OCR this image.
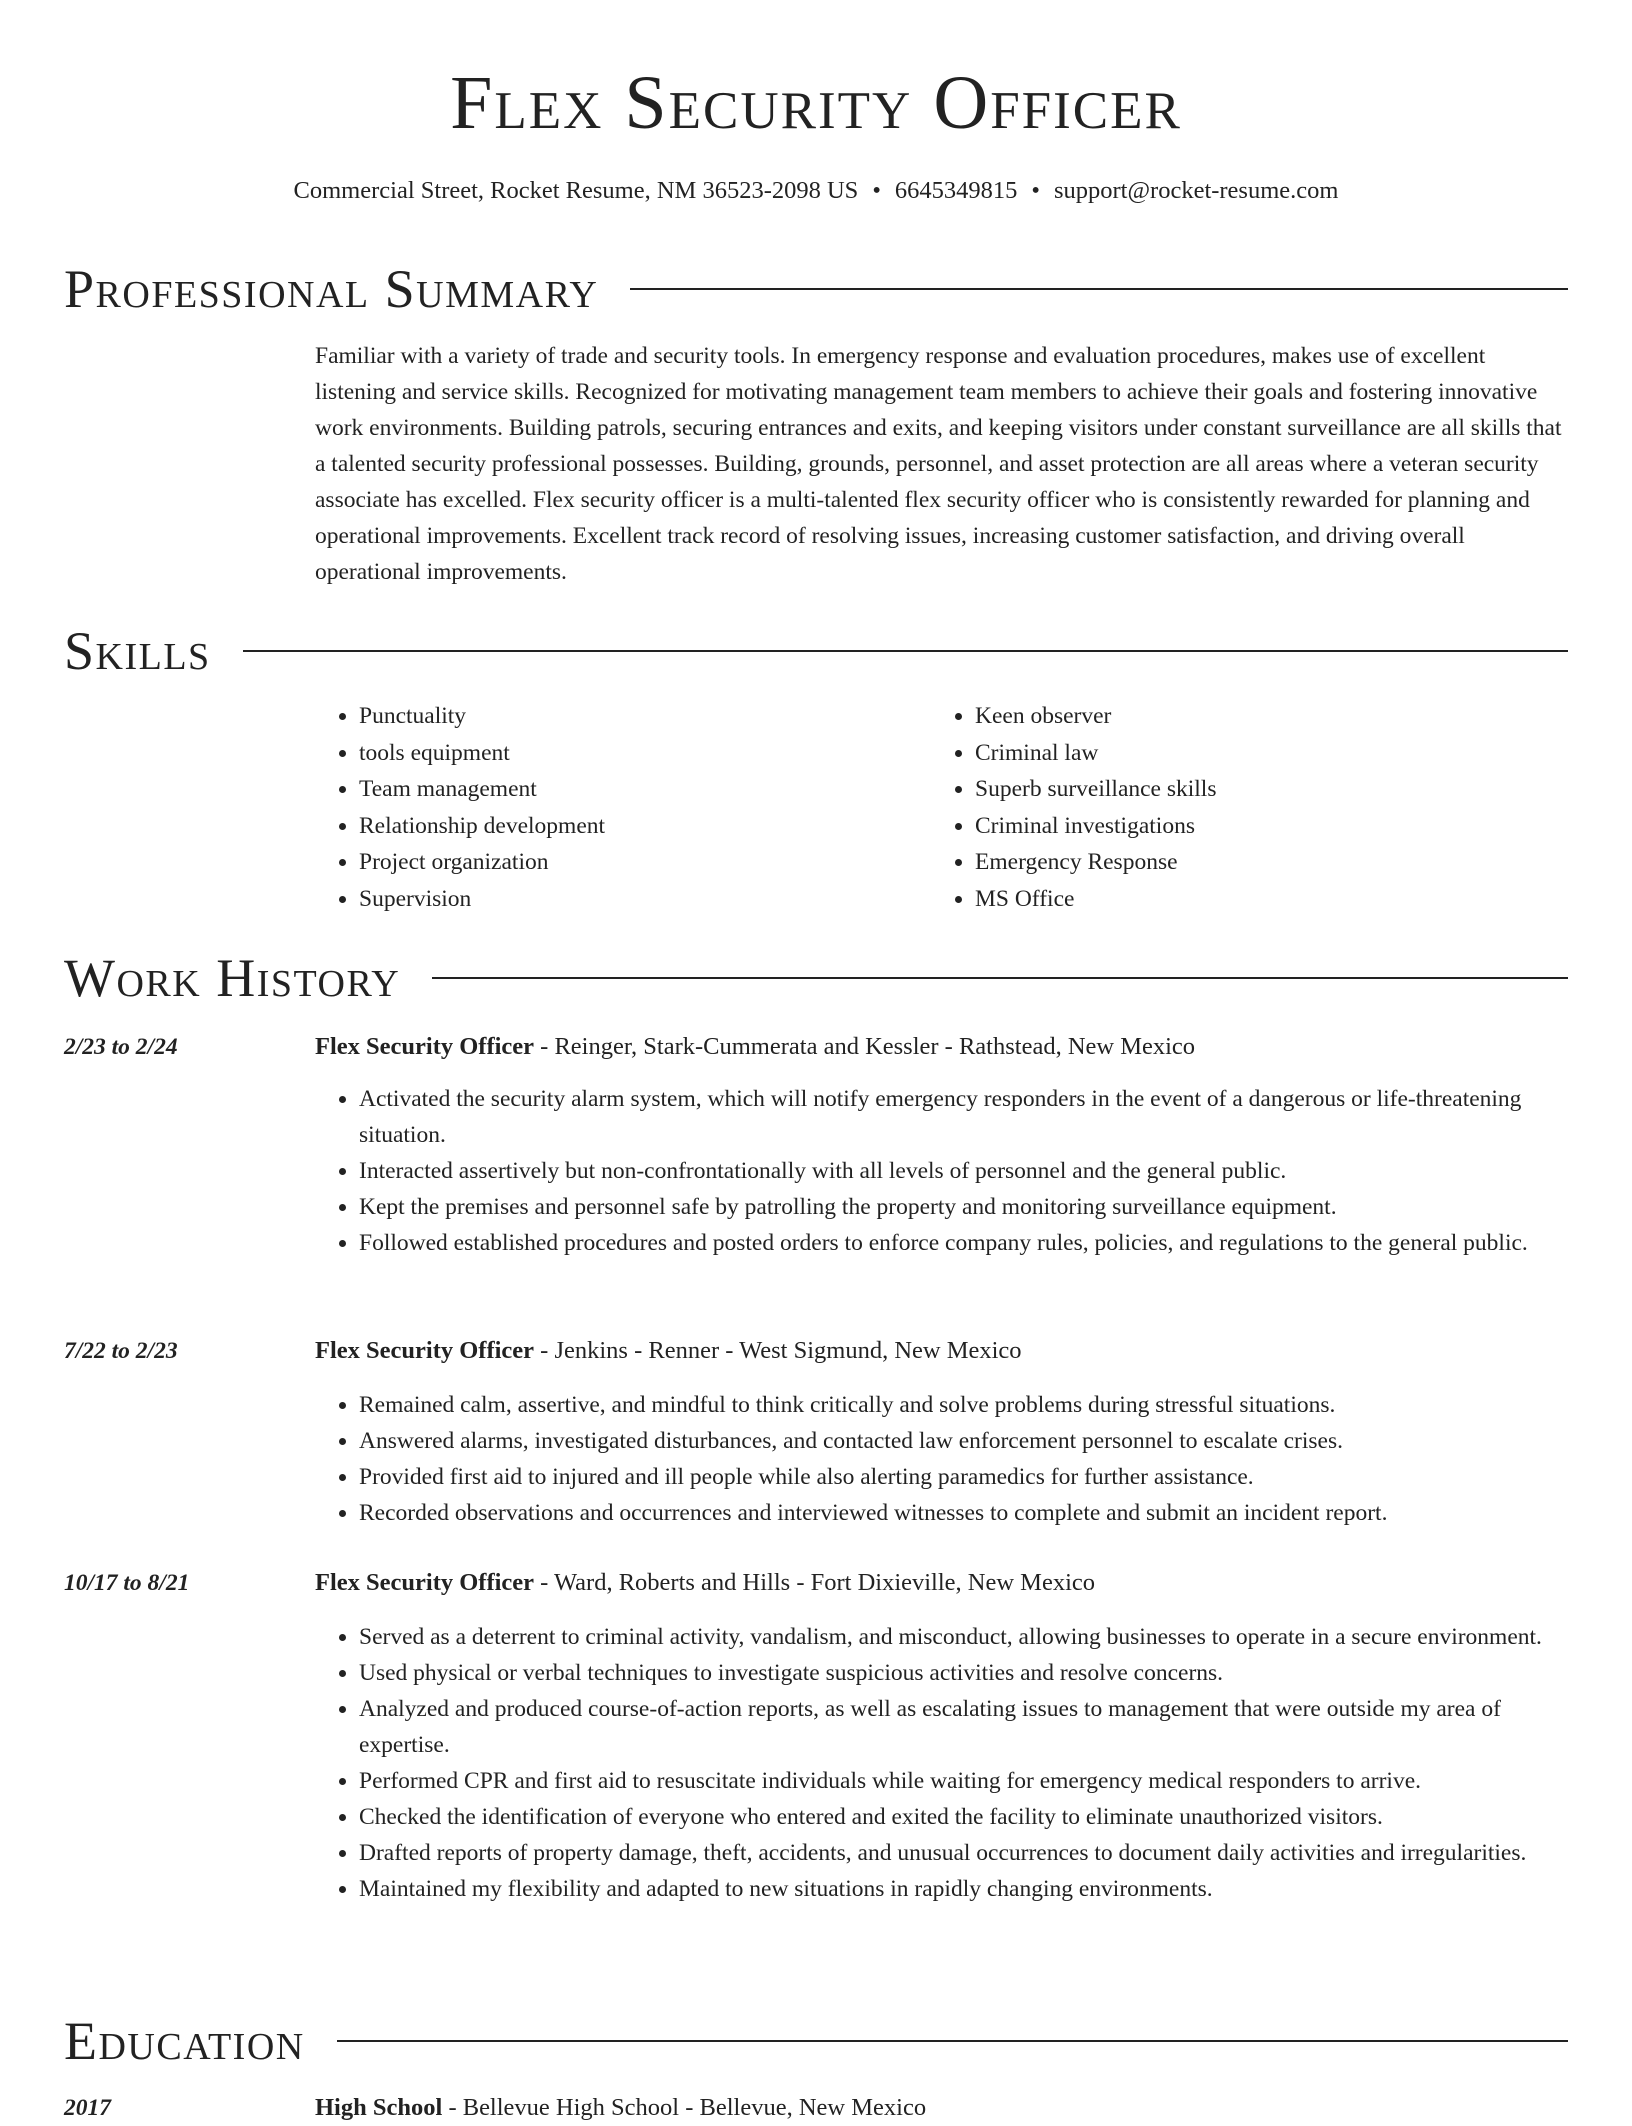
Flex Security Officer
Commercial Street, Rocket Resume, NM 36523-2098 US • 6645349815 • support@rocket-resume.com
Professional Summary
Familiar with a variety of trade and security tools. In emergency response and evaluation procedures, makes use of excellent listening and service skills. Recognized for motivating management team members to achieve their goals and fostering innovative work environments. Building patrols, securing entrances and exits, and keeping visitors under constant surveillance are all skills that a talented security professional possesses. Building, grounds, personnel, and asset protection are all areas where a veteran security associate has excelled. Flex security officer is a multi-talented flex security officer who is consistently rewarded for planning and operational improvements. Excellent track record of resolving issues, increasing customer satisfaction, and driving overall operational improvements.
Skills
• Punctuality
• tools equipment
• Team management
• Relationship development
• Project organization
• Supervision
• Keen observer
• Criminal law
• Superb surveillance skills
• Criminal investigations
• Emergency Response
• MS Office
Work History
2/23 to 2/24	Flex Security Officer - Reinger, Stark-Cummerata and Kessler - Rathstead, New Mexico
• Activated the security alarm system, which will notify emergency responders in the event of a dangerous or life-threatening situation.
• Interacted assertively but non-confrontationally with all levels of personnel and the general public.
• Kept the premises and personnel safe by patrolling the property and monitoring surveillance equipment.
• Followed established procedures and posted orders to enforce company rules, policies, and regulations to the general public.
7/22 to 2/23	Flex Security Officer - Jenkins - Renner - West Sigmund, New Mexico
• Remained calm, assertive, and mindful to think critically and solve problems during stressful situations.
• Answered alarms, investigated disturbances, and contacted law enforcement personnel to escalate crises.
• Provided first aid to injured and ill people while also alerting paramedics for further assistance.
• Recorded observations and occurrences and interviewed witnesses to complete and submit an incident report.
10/17 to 8/21	Flex Security Officer - Ward, Roberts and Hills - Fort Dixieville, New Mexico
• Served as a deterrent to criminal activity, vandalism, and misconduct, allowing businesses to operate in a secure environment.
• Used physical or verbal techniques to investigate suspicious activities and resolve concerns.
• Analyzed and produced course-of-action reports, as well as escalating issues to management that were outside my area of expertise.
• Performed CPR and first aid to resuscitate individuals while waiting for emergency medical responders to arrive.
• Checked the identification of everyone who entered and exited the facility to eliminate unauthorized visitors.
• Drafted reports of property damage, theft, accidents, and unusual occurrences to document daily activities and irregularities.
• Maintained my flexibility and adapted to new situations in rapidly changing environments.
Education
2017	High School - Bellevue High School - Bellevue, New Mexico
